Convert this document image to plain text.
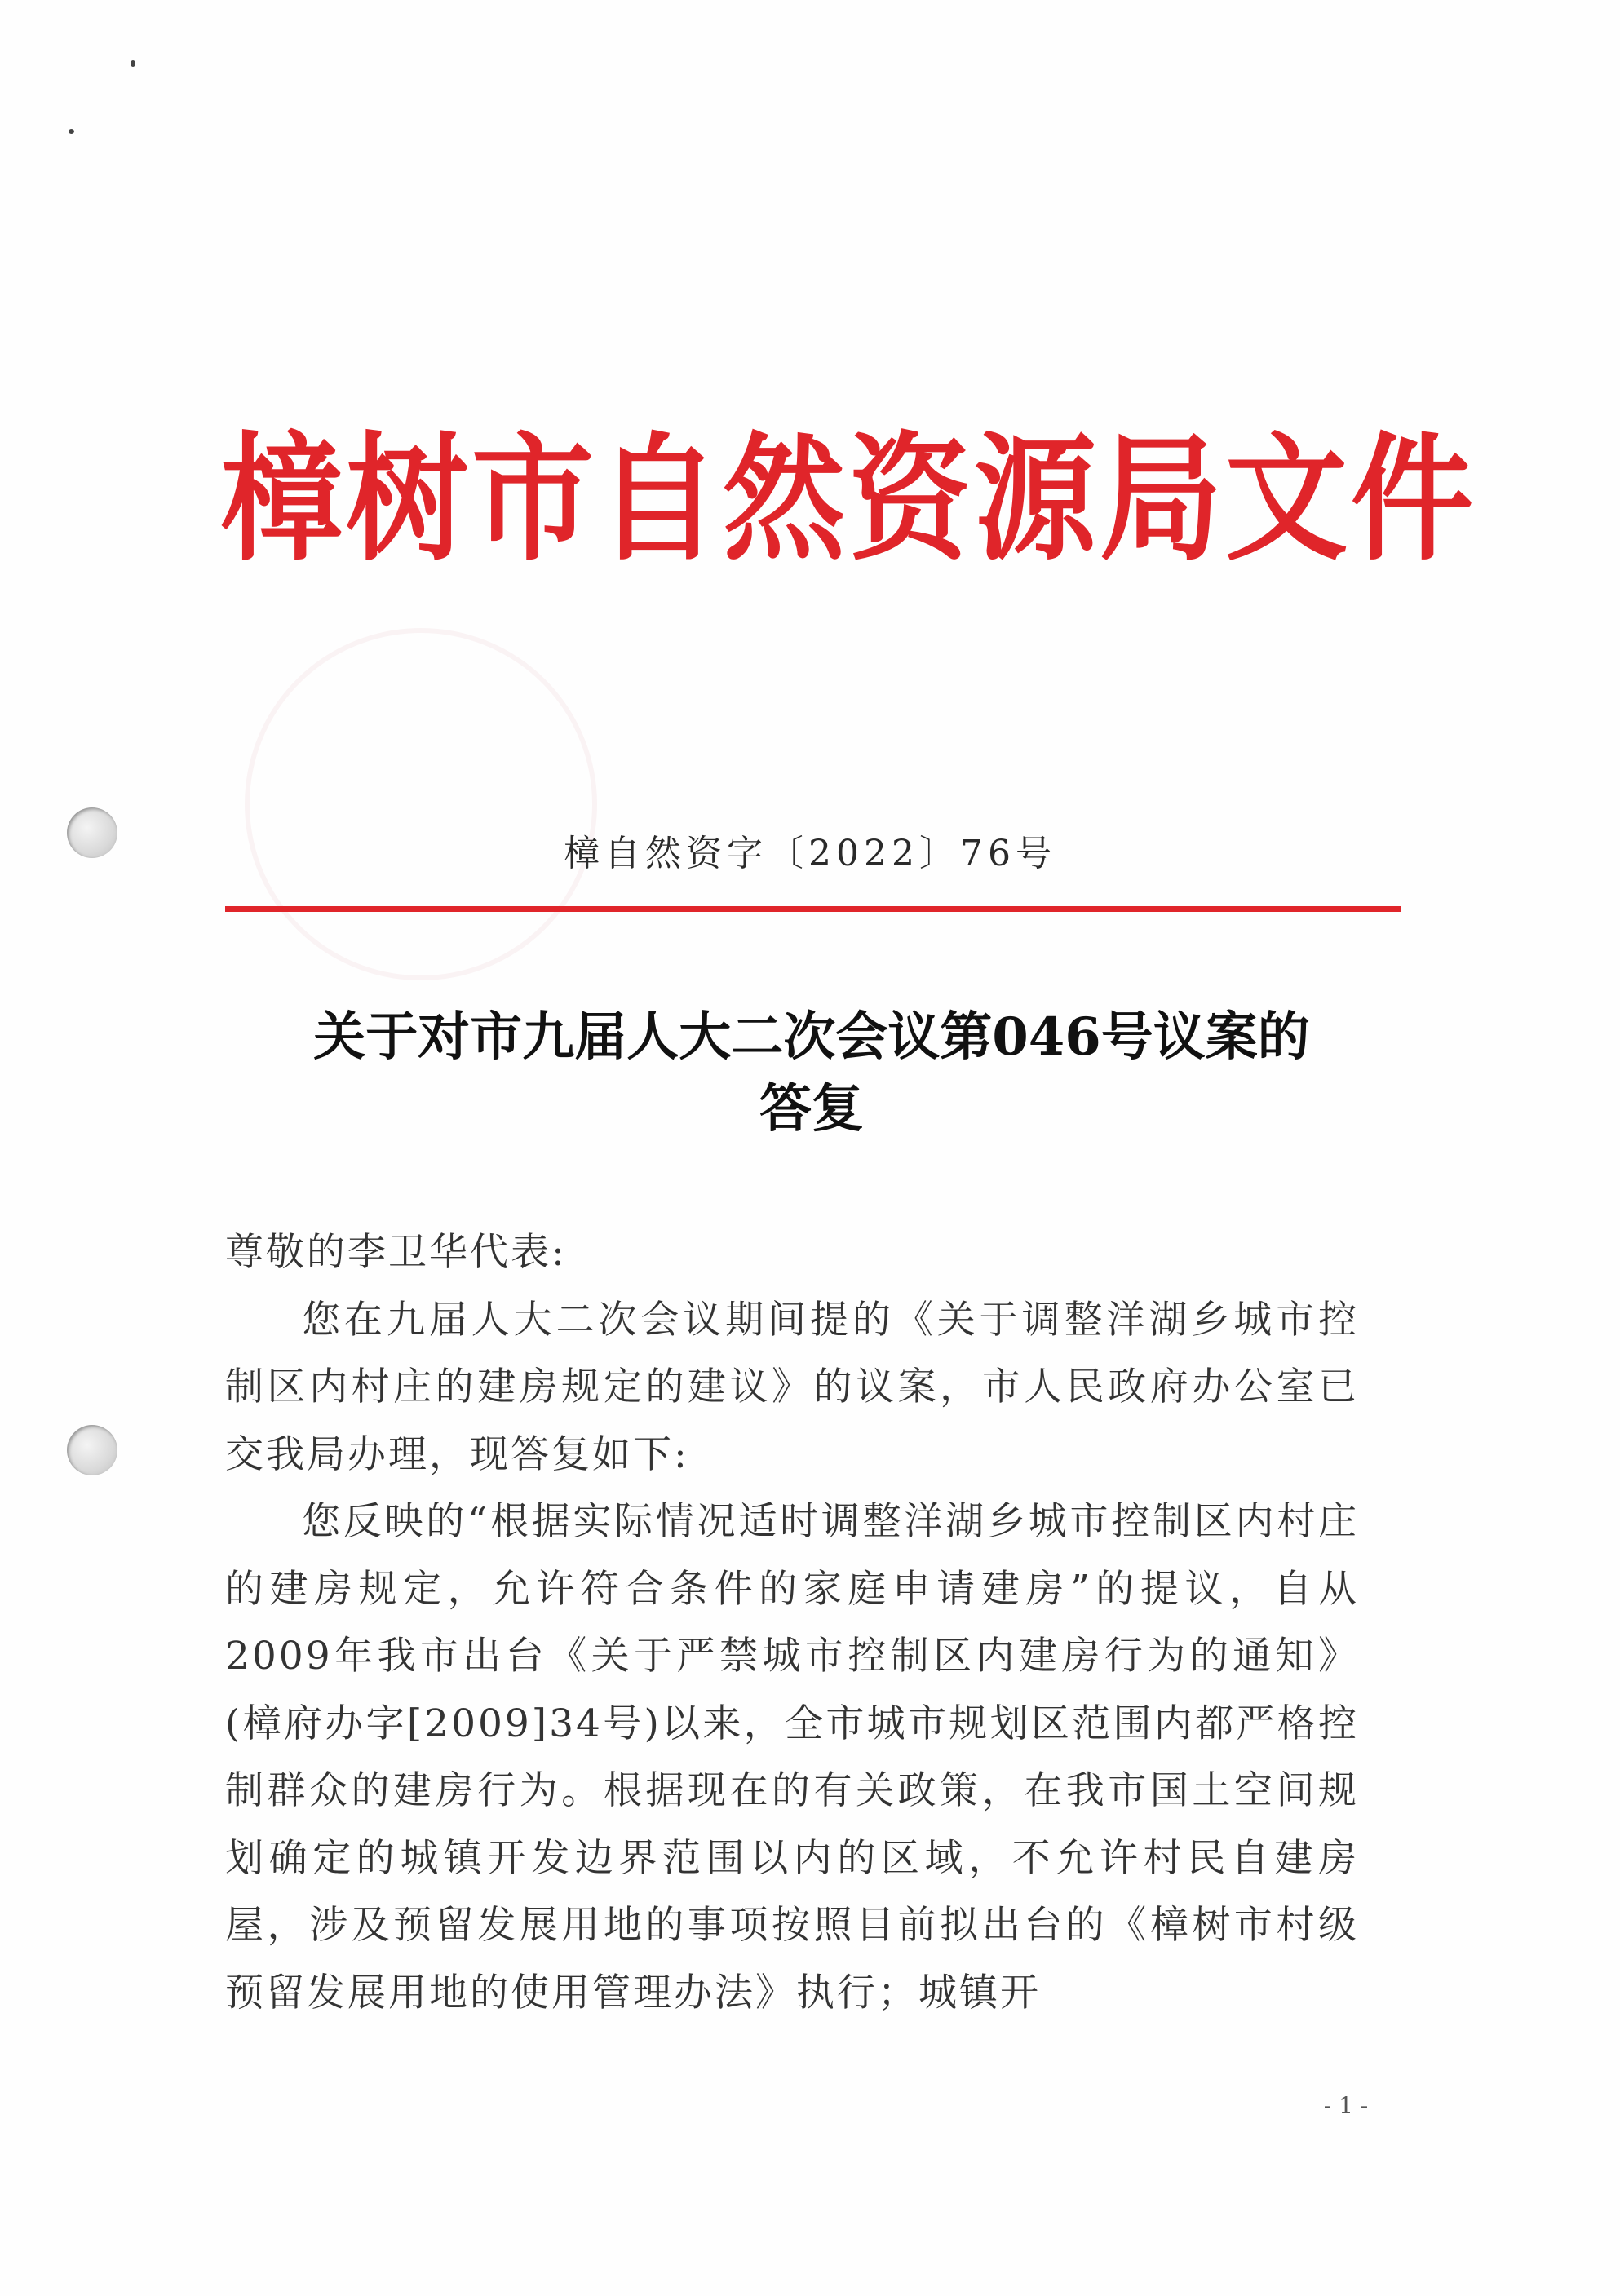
樟树市自然资源局文件
樟自然资字〔2022〕76号
关于对市九届人大二次会议第046号议案的
答复

尊敬的李卫华代表:

您在九届人大二次会议期间提的《关于调整洋湖乡城市控制区内村庄的建房规定的建议》的议案，市人民政府办公室已交我局办理，现答复如下:

您反映的“根据实际情况适时调整洋湖乡城市控制区内村庄的建房规定，允许符合条件的家庭申请建房”的提议，自从2009年我市出台《关于严禁城市控制区内建房行为的通知》(樟府办字[2009]34号)以来，全市城市规划区范围内都严格控制群众的建房行为。根据现在的有关政策，在我市国土空间规划确定的城镇开发边界范围以内的区域，不允许村民自建房屋，涉及预留发展用地的事项按照目前拟出台的《樟树市村级预留发展用地的使用管理办法》执行；城镇开

- 1 -
